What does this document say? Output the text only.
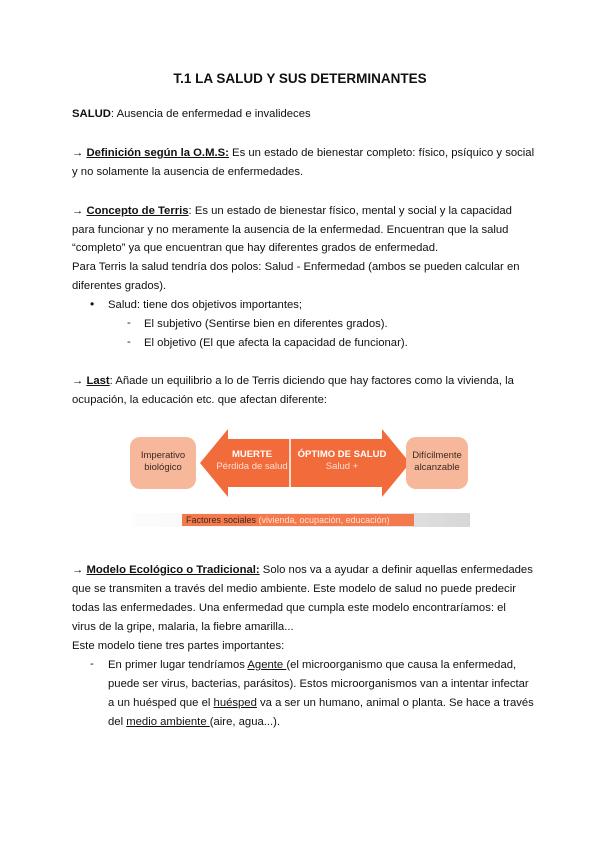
T.1 LA SALUD Y SUS DETERMINANTES
SALUD: Ausencia de enfermedad e invalideces
→ Definición según la O.M.S: Es un estado de bienestar completo: físico, psíquico y social
y no solamente la ausencia de enfermedades.
→ Concepto de Terris: Es un estado de bienestar físico, mental y social y la capacidad
para funcionar y no meramente la ausencia de la enfermedad. Encuentran que la salud
“completo” ya que encuentran que hay diferentes grados de enfermedad.
Para Terris la salud tendría dos polos: Salud - Enfermedad (ambos se pueden calcular en
diferentes grados).
• Salud: tiene dos objetivos importantes;
- El subjetivo (Sentirse bien en diferentes grados).
- El objetivo (El que afecta la capacidad de funcionar).
→ Last: Añade un equilibrio a lo de Terris diciendo que hay factores como la vivienda, la
ocupación, la educación etc. que afectan diferente:
Imperativo
biológico
MUERTE
Pérdida de salud
ÓPTIMO DE SALUD
Salud +
Difícilmente
alcanzable
Factores sociales (vivienda, ocupación, educación)
→ Modelo Ecológico o Tradicional: Solo nos va a ayudar a definir aquellas enfermedades
que se transmiten a través del medio ambiente. Este modelo de salud no puede predecir
todas las enfermedades. Una enfermedad que cumpla este modelo encontraríamos: el
virus de la gripe, malaria, la fiebre amarilla...
Este modelo tiene tres partes importantes:
- En primer lugar tendríamos Agente (el microorganismo que causa la enfermedad,
puede ser virus, bacterias, parásitos). Estos microorganismos van a intentar infectar
a un huésped que el huésped va a ser un humano, animal o planta. Se hace a través
del medio ambiente (aire, agua...).
